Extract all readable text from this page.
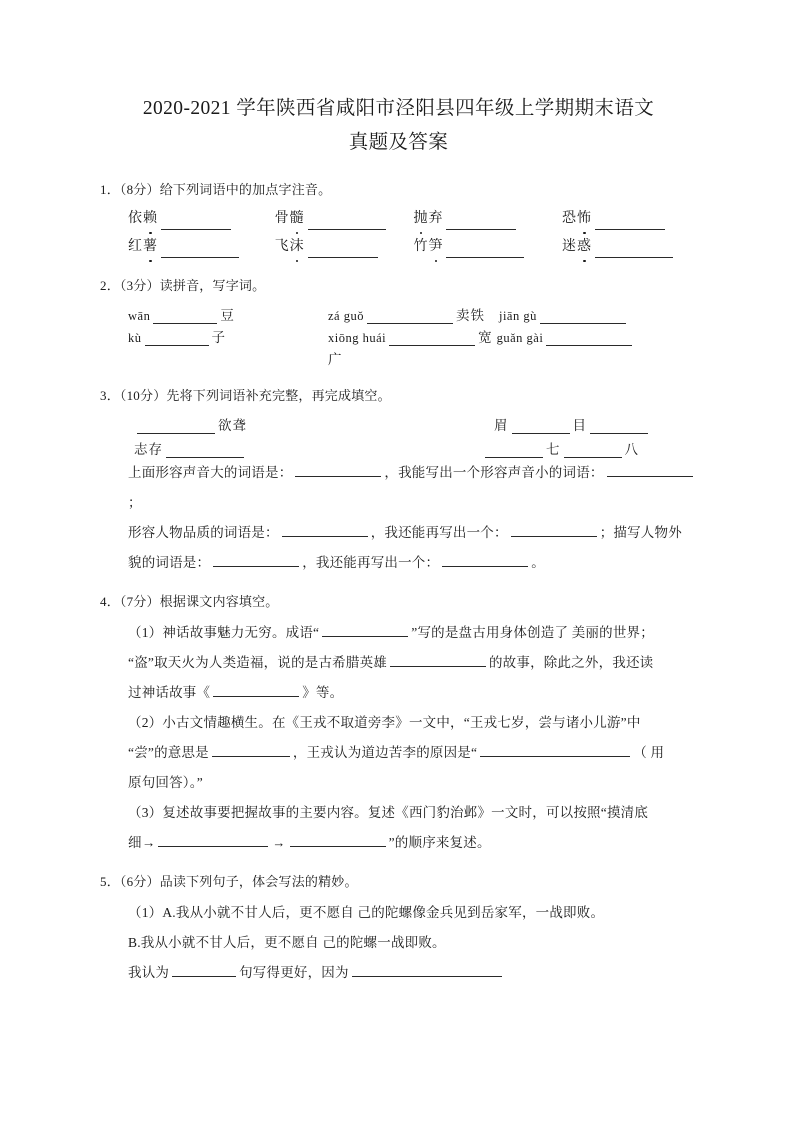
2020-2021 学年陕西省咸阳市泾阳县四年级上学期期末语文
真题及答案
1．（8分）给下列词语中的加点字注音。
依赖	骨髓	抛弃	恐怖
红薯	飞沫	竹笋	迷惑
2．（3分）读拼音，写字词。
wān	豆	zá guǒ	卖铁 jiān gù
kù	子	xiōng huái	宽 guǎn gài
广
3．（10分）先将下列词语补充完整，再完成填空。
欲聋	眉	目
志存	七	八
上面形容声音大的词语是：	，我能写出一个形容声音小的词语：；
形容人物品质的词语是：	，我还能再写出一个：	；描写人物外
貌的词语是：	，我还能再写出一个：	。
4．（7分）根据课文内容填空。
（1）神话故事魅力无穷。成语“	”写的是盘古用身体创造了 美丽的世界；
“盗”取天火为人类造福，说的是古希腊英雄	的故事，除此之外，我还读
过神话故事《	》等。
（2）小古文情趣横生。在《王戎不取道旁李》一文中，“王戎七岁，尝与诸小儿游”中
“尝”的意思是	，王戎认为道边苦李的原因是“	（ 用
原句回答）。”
（3）复述故事要把握故事的主要内容。复述《西门豹治邺》一文时，可以按照“摸清底
细→	→	”的顺序来复述。
5．（6分）品读下列句子，体会写法的精妙。
（1）A.我从小就不甘人后，更不愿自 己的陀螺像金兵见到岳家军，一战即败。
B.我从小就不甘人后，更不愿自 己的陀螺一战即败。
我认为	句写得更好，因为
